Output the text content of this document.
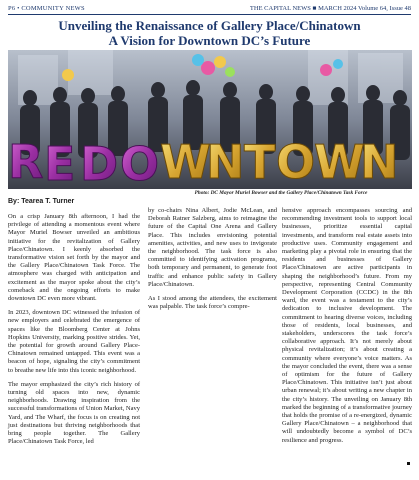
P6 • COMMUNITY NEWS	THE CAPITAL NEWS ■ MARCH 2024 Volume 64, Issue 48
Unveiling the Renaissance of Gallery Place/Chinatown
A Vision for Downtown DC’s Future
R E D O W
N T O
W
N
Photo: DC Mayor Muriel Bowser and the Gallery Place/Chinatown Task Force
By: Tearea T. Turner

On a crisp January 8th afternoon, I had the privilege of attending a momentous event where Mayor Muriel Bowser unveiled an ambitious initiative for the revitalization of Gallery Place/Chinatown. I keenly absorbed the transformative vision set forth by the mayor and the Gallery Place/Chinatown Task Force. The atmosphere was charged with anticipation and excitement as the mayor spoke about the city’s comeback and the ongoing efforts to make downtown DC even more vibrant.

In 2023, downtown DC witnessed the infusion of new employers and celebrated the emergence of spaces like the Bloomberg Center at Johns Hopkins University, marking positive strides. Yet, the potential for growth around Gallery Place-Chinatown remained untapped. This event was a beacon of hope, signaling the city’s commitment to breathe new life into this iconic neighborhood.

The mayor emphasized the city’s rich history of turning old spaces into new, dynamic neighborhoods. Drawing inspiration from the successful transformations of Union Market, Navy Yard, and The Wharf, the focus is on creating not just destinations but thriving neighborhoods that bring people together. The Gallery Place/Chinatown Task Force, led

by co-chairs Nina Albert, Jodie McLean, and Deborah Ratner Salzberg, aims to reimagine the future of the Capital One Arena and Gallery Place. This includes envisioning potential amenities, activities, and new uses to invigorate the neighborhood. The task force is also committed to identifying activation programs, both temporary and permanent, to generate foot traffic and enhance public safety in Gallery Place/Chinatown.

As I stood among the attendees, the excitement was palpable. The task force’s compre-

hensive approach encompasses sourcing and recommending investment tools to support local businesses, prioritize essential capital investments, and transform real estate assets into productive uses. Community engagement and marketing play a pivotal role in ensuring that the residents and businesses of Gallery Place/Chinatown are active participants in shaping the neighborhood’s future. From my perspective, representing Central Community Development Corporation (CCDC) in the 8th ward, the event was a testament to the city’s dedication to inclusive development. The commitment to hearing diverse voices, including those of residents, local businesses, and stakeholders, underscores the task force’s collaborative approach. It’s not merely about physical revitalization; it’s about creating a community where everyone’s voice matters. As the mayor concluded the event, there was a sense of optimism for the future of Gallery Place/Chinatown. This initiative isn’t just about urban renewal; it’s about writing a new chapter in the city’s history. The unveiling on January 8th marked the beginning of a transformative journey that holds the promise of a re-energized, dynamic Gallery Place/Chinatown – a neighborhood that will undoubtedly become a symbol of DC’s resilience and progress.
